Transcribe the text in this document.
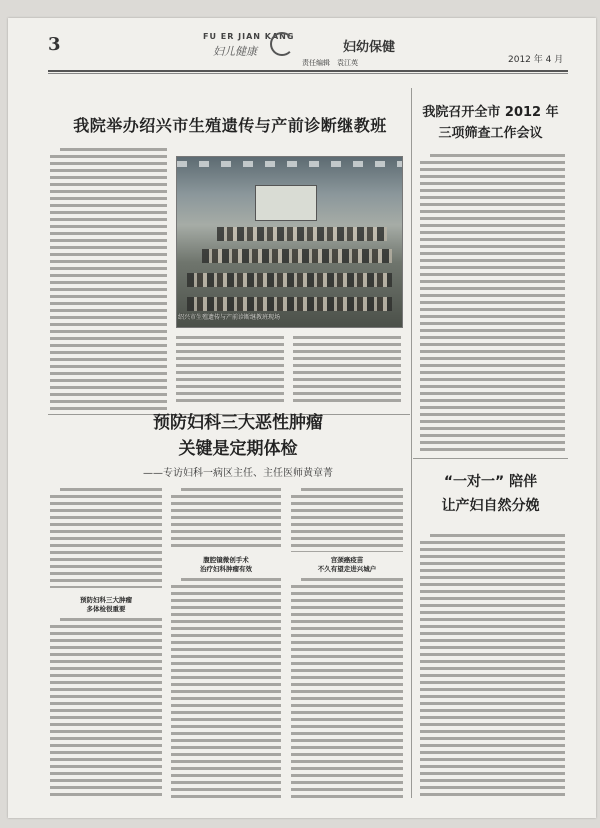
3	FU ER JIAN KANG
妇儿健康	妇幼保健
责任编辑　袁江英	2012 年 4 月
我院举办绍兴市生殖遗传与产前诊断继教班
绍兴市生殖遗传与产前诊断继教班现场
我院召开全市 2012 年
三项筛查工作会议
预防妇科三大恶性肿瘤
关键是定期体检
——专访妇科一病区主任、主任医师黄章菁
预防妇科三大肿瘤
多体检很重要
腹腔镜微创手术
治疗妇科肿瘤有效
宫颈癌疫苗
不久有望走进兴城户
“一对一” 陪伴
让产妇自然分娩
